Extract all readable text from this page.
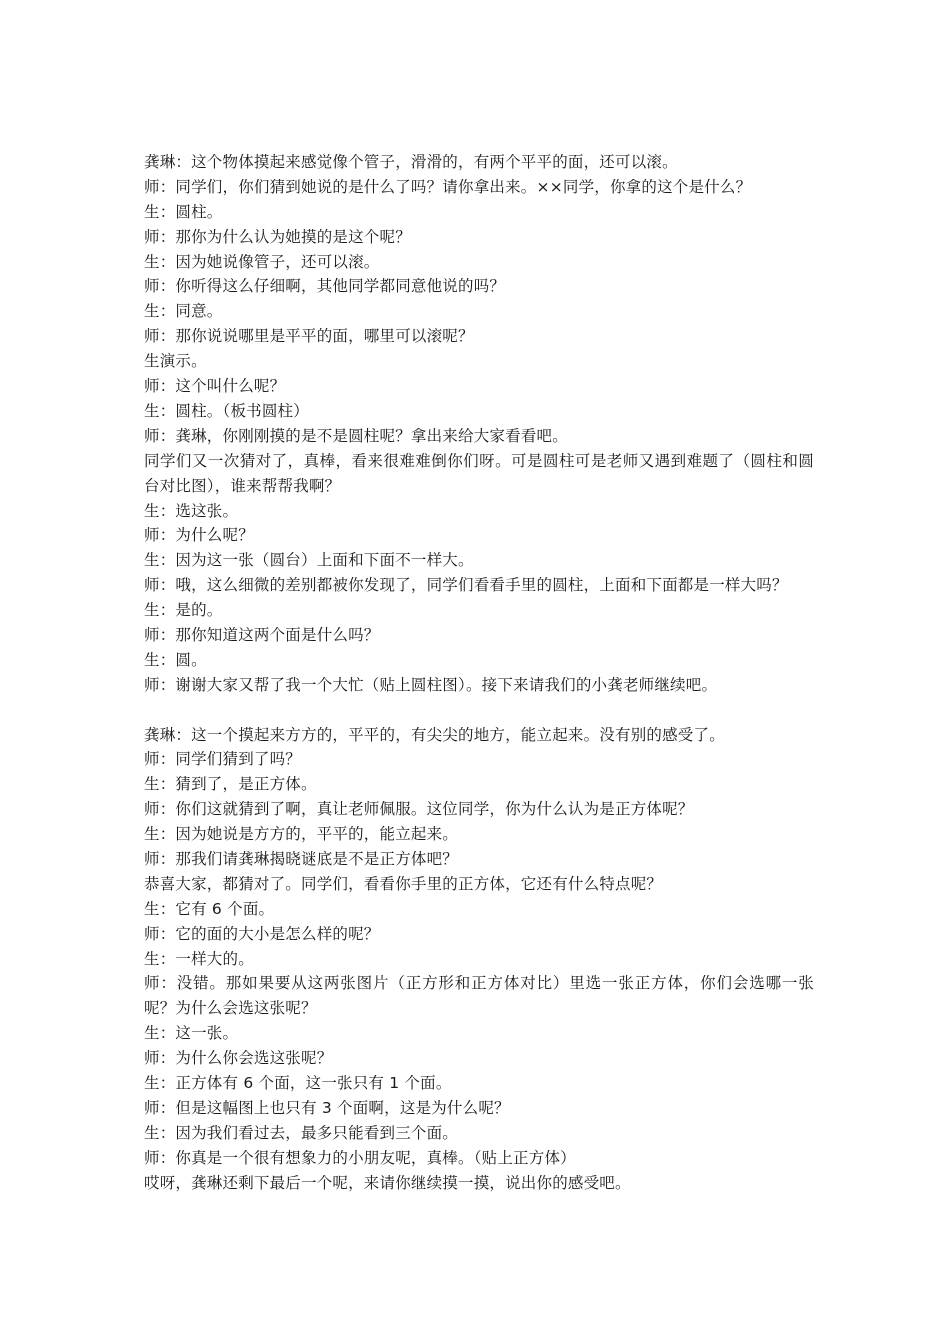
龚琳：这个物体摸起来感觉像个管子，滑滑的，有两个平平的面，还可以滚。
师：同学们，你们猜到她说的是什么了吗？请你拿出来。××同学，你拿的这个是什么？
生：圆柱。
师：那你为什么认为她摸的是这个呢？
生：因为她说像管子，还可以滚。
师：你听得这么仔细啊，其他同学都同意他说的吗？
生：同意。
师：那你说说哪里是平平的面，哪里可以滚呢？
生演示。
师：这个叫什么呢？
生：圆柱。（板书圆柱）
师：龚琳，你刚刚摸的是不是圆柱呢？拿出来给大家看看吧。
同学们又一次猜对了，真棒，看来很难难倒你们呀。可是圆柱可是老师又遇到难题了（圆柱和圆台对比图），谁来帮帮我啊？
生：选这张。
师：为什么呢？
生：因为这一张（圆台）上面和下面不一样大。
师：哦，这么细微的差别都被你发现了，同学们看看手里的圆柱，上面和下面都是一样大吗？
生：是的。
师：那你知道这两个面是什么吗？
生：圆。
师：谢谢大家又帮了我一个大忙（贴上圆柱图）。接下来请我们的小龚老师继续吧。
龚琳：这一个摸起来方方的，平平的，有尖尖的地方，能立起来。没有别的感受了。
师：同学们猜到了吗？
生：猜到了，是正方体。
师：你们这就猜到了啊，真让老师佩服。这位同学，你为什么认为是正方体呢？
生：因为她说是方方的，平平的，能立起来。
师：那我们请龚琳揭晓谜底是不是正方体吧？
恭喜大家，都猜对了。同学们，看看你手里的正方体，它还有什么特点呢？
生：它有 6 个面。
师：它的面的大小是怎么样的呢？
生：一样大的。
师：没错。那如果要从这两张图片（正方形和正方体对比）里选一张正方体，你们会选哪一张呢？为什么会选这张呢？
生：这一张。
师：为什么你会选这张呢？
生：正方体有 6 个面，这一张只有 1 个面。
师：但是这幅图上也只有 3 个面啊，这是为什么呢？
生：因为我们看过去，最多只能看到三个面。
师：你真是一个很有想象力的小朋友呢，真棒。（贴上正方体）
哎呀，龚琳还剩下最后一个呢，来请你继续摸一摸，说出你的感受吧。
